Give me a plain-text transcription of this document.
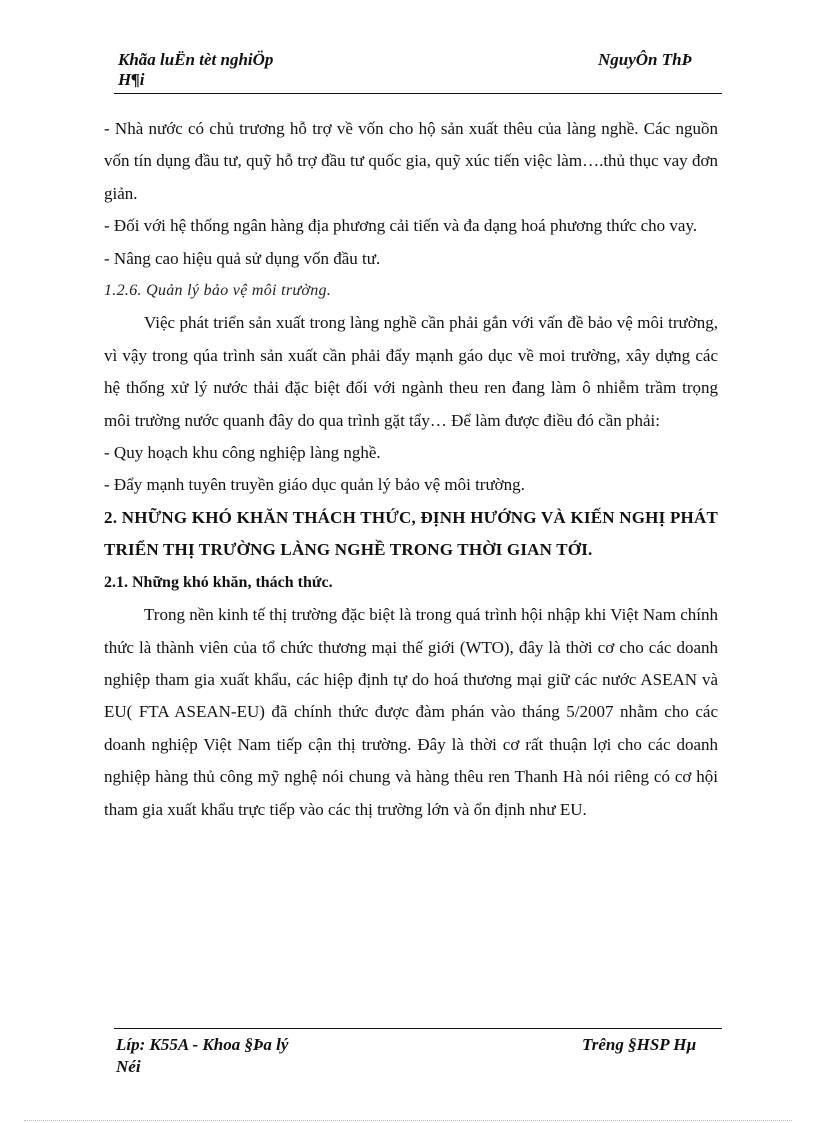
Khãa luËn tèt nghiÖp
H¶i
NguyÔn ThÞ

- Nhà nước có chủ trương hỗ trợ về vốn cho hộ sản xuất thêu của làng nghề. Các nguồn vốn tín dụng đầu tư, quỹ hỗ trợ đầu tư quốc gia, quỹ xúc tiến việc làm….thủ thục vay đơn giản.

- Đối với hệ thống ngân hàng địa phương cải tiến và đa dạng hoá phương thức cho vay.

- Nâng cao hiệu quả sử dụng vốn đầu tư.

1.2.6. Quản lý bảo vệ môi trường.

Việc phát triển sản xuất trong làng nghề cần phải gắn với vấn đề bảo vệ môi trường, vì vậy trong qúa trình sản xuất cần phải đẩy mạnh gáo dục về moi trường, xây dựng các hệ thống xử lý nước thải đặc biệt đối với ngành theu ren đang làm ô nhiễm trầm trọng môi trường nước quanh đây do qua trình gặt tẩy… Để làm được điều đó cần phải:

- Quy hoạch khu công nghiệp làng nghề.

- Đẩy mạnh tuyên truyền giáo dục quản lý bảo vệ môi trường.

2. NHỮNG KHÓ KHĂN THÁCH THỨC, ĐỊNH HƯỚNG VÀ KIẾN NGHỊ PHÁT TRIỂN THỊ TRƯỜNG LÀNG NGHỀ TRONG THỜI GIAN TỚI.
2.1. Những khó khăn, thách thức.

Trong nền kinh tế thị trường đặc biệt là trong quá trình hội nhập khi Việt Nam chính thức là thành viên của tổ chức thương mại thế giới (WTO), đây là thời cơ cho các doanh nghiệp tham gia xuất khẩu, các hiệp định tự do hoá thương mại giữ các nước ASEAN và EU( FTA ASEAN-EU) đã chính thức được đàm phán vào tháng 5/2007 nhằm cho các doanh nghiệp Việt Nam tiếp cận thị trường. Đây là thời cơ rất thuận lợi cho các doanh nghiệp hàng thủ công mỹ nghệ nói chung và hàng thêu ren Thanh Hà nói riêng có cơ hội tham gia xuất khẩu trực tiếp vào các thị trường lớn và ổn định như EU.

Líp: K55A - Khoa §Þa lý
Néi
Trêng §HSP Hµ
